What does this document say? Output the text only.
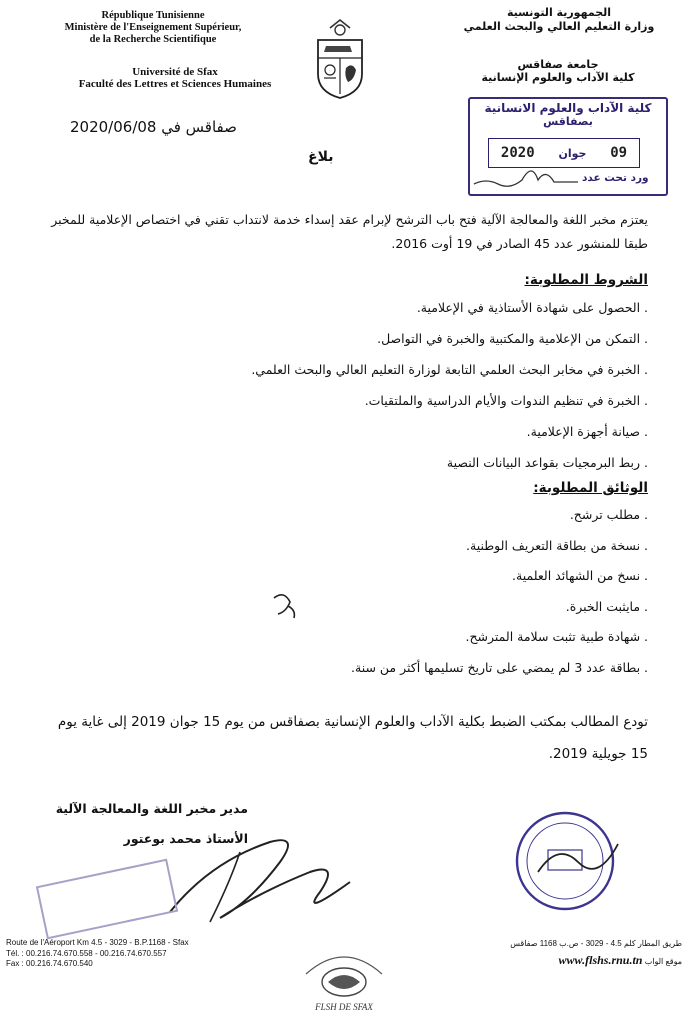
République Tunisienne
Ministère de l'Enseignement Supérieur,
de la Recherche Scientifique
الجمهورية التونسية
وزارة التعليم العالي والبحث العلمي
Université de Sfax
Faculté des Lettres et Sciences Humaines
جامعة صفاقس
كلية الآداب والعلوم الإنسانية
كلية الآداب والعلوم الانسانية
بصفاقس
09
جوان
2020
ورد تحت عدد
صفاقس في 2020/06/08
بلاغ
يعتزم مخبر اللغة والمعالجة الآلية فتح باب الترشح لإبرام عقد إسداء خدمة لانتداب تقني في اختصاص الإعلامية للمخبر طبقا للمنشور عدد 45 الصادر في 19 أوت 2016.
الشروط المطلوبة:
. الحصول على شهادة الأستاذية في الإعلامية.
. التمكن من الإعلامية والمكتبية والخبرة في التواصل.
. الخبرة في مخابر البحث العلمي التابعة لوزارة التعليم العالي والبحث العلمي.
. الخبرة في تنظيم الندوات والأيام الدراسية والملتقيات.
. صيانة أجهزة الإعلامية.
. ربط البرمجيات بقواعد البيانات النصية
الوثائق المطلوبة:
. مطلب ترشح.
. نسخة من بطاقة التعريف الوطنية.
. نسخ من الشهائد العلمية.
. مايثبت الخبرة.
. شهادة طبية تثبت سلامة المترشح.
. بطاقة عدد 3 لم يمضي على تاريخ تسليمها أكثر من سنة.
تودع المطالب بمكتب الضبط بكلية الآداب والعلوم الإنسانية بصفاقس من يوم 15 جوان 2019 إلى غاية يوم 15 جويلية 2019.
مدير مخبر اللغة والمعالجة الآلية
الأستاذ محمد بوعتور
Route de l'Aéroport Km 4.5 - 3029 - B.P.1168 - Sfax
Tél. : 00.216.74.670.558 - 00.216.74.670.557
Fax : 00.216.74.670.540
FLSH DE SFAX
طريق المطار كلم 4.5 - 3029 - ص.ب 1168 صفاقس
موقع الواب www.flshs.rnu.tn
